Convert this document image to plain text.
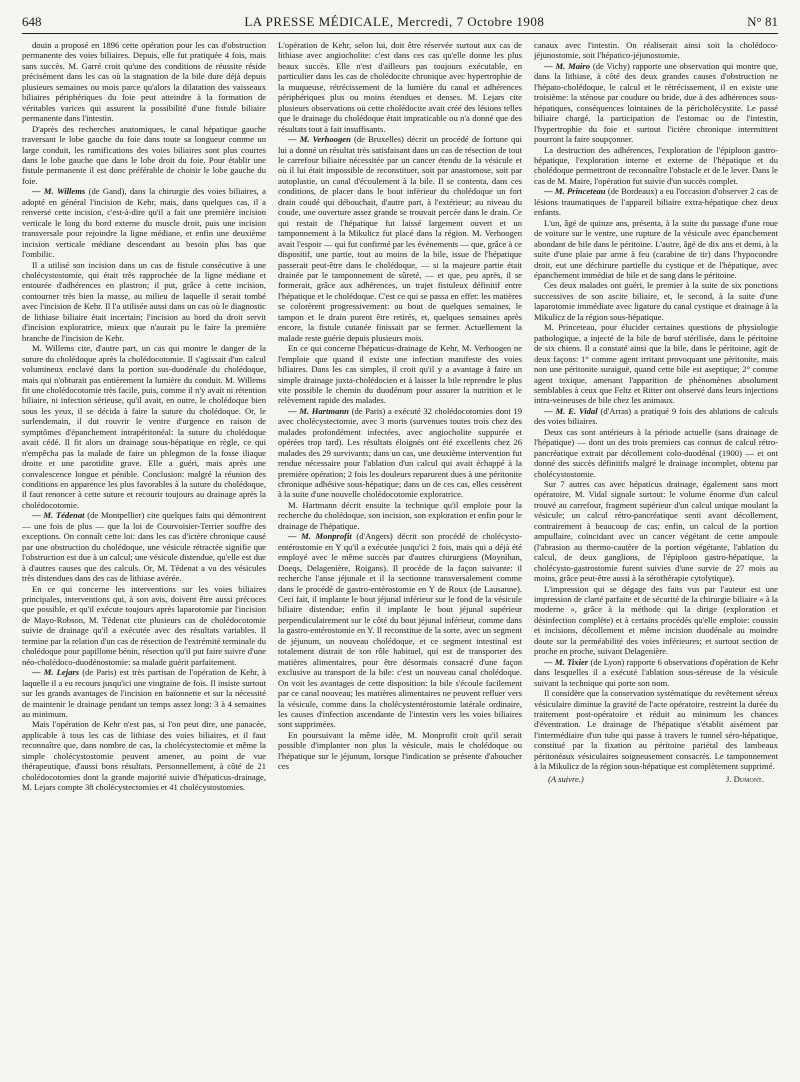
648	LA PRESSE MÉDICALE, Mercredi, 7 Octobre 1908	N° 81

douin a proposé en 1896 cette opération pour les cas d'obstruction permanente des voies biliaires. Depuis, elle fut pratiquée 4 fois, mais sans succès. M. Garré croit qu'une des conditions de réussite réside précisément dans les cas où la stagnation de la bile dure déjà depuis plusieurs semaines ou mois parce qu'alors la dilatation des vaisseaux biliaires périphériques du foie peut atteindre à la formation de véritables varices qui assurent la possibilité d'une fistule biliaire permanente dans l'intestin.

D'après des recherches anatomiques, le canal hépatique gauche traversant le lobe gauche du foie dans toute sa longueur comme un large conduit, les ramifications des voies biliaires sont plus courtes dans le lobe gauche que dans le lobe droit du foie. Pour établir une fistule permanente il est donc préférable de choisir le lobe gauche du foie.

— M. Willems (de Gand), dans la chirurgie des voies biliaires, a adopté en général l'incision de Kehr, mais, dans quelques cas, il a renversé cette incision, c'est-à-dire qu'il a fait une première incision verticale le long du bord externe du muscle droit, puis une incision transversale pour rejoindre la ligne médiane, et enfin une deuxième incision verticale médiane descendant au besoin plus bas que l'ombilic.

Il a utilisé son incision dans un cas de fistule consécutive à une cholécystostomie, qui était très rapprochée de la ligne médiane et entourée d'adhérences en plastron; il put, grâce à cette incision, contourner très bien la masse, au milieu de laquelle il serait tombé avec l'incision de Kehr. Il l'a utilisée aussi dans un cas où le diagnostic de lithiase biliaire était incertain; l'incision au bord du droit servit d'incision exploratrice, mieux que n'aurait pu le faire la première branche de l'incision de Kehr.

M. Willems cite, d'autre part, un cas qui montre le danger de la suture du cholédoque après la cholédocotomie. Il s'agissait d'un calcul volumineux enclavé dans la portion sus-duodénale du cholédoque, mais qui n'obturait pas entièrement la lumière du conduit. M. Willems fit une cholédocotomie très facile, puis, comme il n'y avait ni rétention biliaire, ni infection sérieuse, qu'il avait, en outre, le cholédoque bien sous les yeux, il se décida à faire la suture du cholédoque. Or, le surlendemain, il dut rouvrir le ventre d'urgence en raison de symptômes d'épanchement intrapéritonéal: la suture du cholédoque avait cédé. Il fit alors un drainage sous-hépatique en règle, ce qui n'empêcha pas la malade de faire un phlegmon de la fosse iliaque droite et une parotidite grave. Elle a guéri, mais après une convalescence longue et pénible. Conclusion: malgré la réunion des conditions en apparence les plus favorables à la suture du cholédoque, il faut renoncer à cette suture et recourir toujours au drainage après la cholédocotomie.

— M. Tédenat (de Montpellier) cite quelques faits qui démontrent — une fois de plus — que la loi de Courvoisier-Terrier souffre des exceptions. On connaît cette loi: dans les cas d'ictère chronique causé par une obstruction du cholédoque, une vésicule rétractée signifie que l'obstruction est due à un calcul; une vésicule distendue, qu'elle est due à d'autres causes que des calculs. Or, M. Tédenat a vu des vésicules très distendues dans des cas de lithiase avérée.

En ce qui concerne les interventions sur les voies biliaires principales, interventions qui, à son avis, doivent être aussi précoces que possible, et qu'il exécute toujours après laparotomie par l'incision de Mayo-Robson, M. Tédenat cite plusieurs cas de cholédocotomie suivie de drainage qu'il a exécutée avec des résultats variables. Il termine par la relation d'un cas de résection de l'extrémité terminale du cholédoque pour papillome bénin, résection qu'il put faire suivre d'une néo-cholédoco-duodénostomie: sa malade guérit parfaitement.

— M. Lejars (de Paris) est très partisan de l'opération de Kehr, à laquelle il a eu recours jusqu'ici une vingtaine de fois. Il insiste surtout sur les grands avantages de l'incision en baïonnette et sur la nécessité de maintenir le drainage pendant un temps assez long: 3 à 4 semaines au minimum.

Mais l'opération de Kehr n'est pas, si l'on peut dire, une panacée, applicable à tous les cas de lithiase des voies biliaires, et il faut reconnaître que, dans nombre de cas, la cholécystectomie et même la simple cholécystostomie peuvent amener, au point de vue thérapeutique, d'aussi bons résultats. Personnellement, à côté de 21 cholédocotomies dont la grande majorité suivie d'hépaticus-drainage, M. Lejars compte 38 cholécystectomies et 41 cholécystostomies.

L'opération de Kehr, selon lui, doit être réservée surtout aux cas de lithiase avec angiocholite: c'est dans ces cas qu'elle donne les plus beaux succès. Elle n'est d'ailleurs pas toujours exécutable, en particulier dans les cas de cholédocite chronique avec hypertrophie de la muqueuse, rétrécissement de la lumière du canal et adhérences périphériques plus ou moins étendues et denses. M. Lejars cite plusieurs observations où cette cholédocite avait créé des lésions telles que le drainage du cholédoque était impraticable ou n'a donné que des résultats tout à fait insuffisants.

— M. Verhoogen (de Bruxelles) décrit un procédé de fortune qui lui a donné un résultat très satisfaisant dans un cas de résection de tout le carrefour biliaire nécessitée par un cancer étendu de la vésicule et où il lui était impossible de reconstituer, soit par anastomose, soit par autoplastie, un canal d'écoulement à la bile. Il se contenta, dans ces conditions, de placer dans le bout inférieur du cholédoque un fort drain coudé qui débouchait, d'autre part, à l'extérieur; au niveau du coude, une ouverture assez grande se trouvait percée dans le drain. Ce qui restait de l'hépatique fut laissé largement ouvert et un tamponnement à la Mikulicz fut placé dans la région. M. Verhoogen avait l'espoir — qui fut confirmé par les événements — que, grâce à ce dispositif, une partie, tout au moins de la bile, issue de l'hépatique passerait peut-être dans le cholédoque, — si la majeure partie était drainée par le tamponnement de sûreté, — et que, peu après, il se formerait, grâce aux adhérences, un trajet fistuleux définitif entre l'hépatique et le cholédoque. C'est ce qui se passa en effet: les matières se colorèrent progressivement: au bout de quelques semaines, le tampon et le drain purent être retirés, et, quelques semaines après encore, la fistule cutanée finissait par se fermer. Actuellement la malade reste guérie depuis plusieurs mois.

En ce qui concerne l'hépaticus-drainage de Kehr, M. Verhoogen ne l'emploie que quand il existe une infection manifeste des voies biliaires. Dans les cas simples, il croit qu'il y a avantage à faire un simple drainage juxta-cholédocien et à laisser la bile reprendre le plus vite possible le chemin du duodénum pour assurer la nutrition et le relèvement rapide des malades.

— M. Hartmann (de Paris) a exécuté 32 cholédocotomies dont 19 avec cholécystectomie, avec 3 morts (survenues toutes trois chez des malades profondément infectées, avec angiocholite suppurée et opérées trop tard). Les résultats éloignés ont été excellents chez 26 malades des 29 survivants; dans un cas, une deuxième intervention fut rendue nécessaire pour l'ablation d'un calcul qui avait échappé à la première opération; 2 fois les douleurs reparurent dues à une péritonite chronique adhésive sous-hépatique; dans un de ces cas, elles cessèrent à la suite d'une nouvelle cholédocotomie exploratrice.

M. Hartmann décrit ensuite la technique qu'il emploie pour la recherche du cholédoque, son incision, son exploration et enfin pour le drainage de l'hépatique.

— M. Monprofit (d'Angers) décrit son procédé de cholécysto-entérostomie en Y qu'il a exécutée jusqu'ici 2 fois, mais qui a déjà été employé avec le même succès par d'autres chirurgiens (Moynihan, Doeqs, Delagenière, Roigans). Il procède de la façon suivante: il recherche l'anse jéjunale et il la sectionne transversalement comme dans le procédé de gastro-entérostomie en Y de Roux (de Lausanne). Ceci fait, il implante le bout jéjunal inférieur sur le fond de la vésicule biliaire distendue; enfin il implante le bout jéjunal supérieur perpendiculairement sur le côté du bout jéjunal inférieur, comme dans la gastro-entérostomie en Y. Il reconstitue de la sorte, avec un segment de jéjunum, un nouveau cholédoque, et ce segment intestinal est totalement distrait de son rôle habituel, qui est de transporter des matières alimentaires, pour être désormais consacré d'une façon exclusive au transport de la bile: c'est un nouveau canal cholédoque. On voit les avantages de cette disposition: la bile s'écoule facilement par ce canal nouveau; les matières alimentaires ne peuvent refluer vers la vésicule, comme dans la cholécystentérostomie latérale ordinaire, les causes d'infection ascendante de l'intestin vers les voies biliaires sont supprimées.

En poursuivant la même idée, M. Monprofit croit qu'il serait possible d'implanter non plus la vésicule, mais le cholédoque ou l'hépatique sur le jéjunum, lorsque l'indication se présente d'aboucher ces

canaux avec l'intestin. On réaliserait ainsi soit la cholédoco-jéjunostomie, soit l'hépatico-jéjunostomie.

— M. Mairo (de Vichy) rapporte une observation qui montre que, dans la lithiase, à côté des deux grandes causes d'obstruction ne l'hépato-cholédoque, le calcul et le rétrécissement, il en existe une troisième: la sténose par coudure ou bride, due à des adhérences sous-hépatiques, conséquences lointaines de la péricholécystite. Le passé biliaire chargé, la participation de l'estomac ou de l'intestin, l'hypertrophie du foie et surtout l'ictère chronique intermittent pourront la faire soupçonner.

La destruction des adhérences, l'exploration de l'épiploon gastro-hépatique, l'exploration interne et externe de l'hépatique et du cholédoque permettront de reconnaître l'obstacle et de le lever. Dans le cas de M. Maire, l'opération fut suivie d'un succès complet.

— M. Princeteau (de Bordeaux) a eu l'occasion d'observer 2 cas de lésions traumatiques de l'appareil biliaire extra-hépatique chez deux enfants.

L'un, âgé de quinze ans, présenta, à la suite du passage d'une roue de voiture sur le ventre, une rupture de la vésicule avec épanchement abondant de bile dans le péritoine. L'autre, âgé de dix ans et demi, à la suite d'une plaie par arme à feu (carabine de tir) dans l'hypocondre droit, eut une déchirure partielle du cystique et de l'hépatique, avec épanchement immédiat de bile et de sang dans le péritoine.

Ces deux malades ont guéri, le premier à la suite de six ponctions successives de son ascite biliaire, et, le second, à la suite d'une laparotomie immédiate avec ligature du canal cystique et drainage à la Mikulicz de la région sous-hépatique.

M. Princeteau, pour élucider certaines questions de physiologie pathologique, a injecté de la bile de bœuf stérilisée, dans le péritoine de six chiens. Il a constaté ainsi que la bile, dans le péritoine, agit de deux façons: 1° comme agent irritant provoquant une péritonite, mais non une péritonite suraiguë, quand cette bile est aseptique; 2° comme agent toxique, amenant l'apparition de phénomènes absolument semblables à ceux que Feltz et Ritter ont observé dans leurs injections intra-veineuses de bile chez les animaux.

— M. E. Vidal (d'Arras) a pratiqué 9 fois des ablations de calculs des voies biliaires.

Deux cas sont antérieurs à la période actuelle (sans drainage de l'hépatique) — dont un des trois premiers cas connus de calcul rétro-pancréatique extrait par décollement colo-duodénal (1900) — et ont donné des succès définitifs malgré le drainage incomplet, obtenu par cholécystostomie.

Sur 7 autres cas avec hépaticus drainage, également sans mort opératoire, M. Vidal signale surtout: le volume énorme d'un calcul trouvé au carrefour, fragment supérieur d'un calcul unique moulant la vésicule; un calcul rétro-pancréatique senti avant décollement, contrairement à beaucoup de cas; enfin, un calcul de la portion ampullaire, coïncidant avec un cancer végétant de cette ampoule (l'abrasion au thermo-cautère de la portion végétante, l'ablation du calcul, de deux ganglions, de l'épiploon gastro-hépatique, la cholécysto-gastrostomie furent suivies d'une survie de 27 mois au moins, grâce peut-être aussi à la sérothérapie cytolytique).

L'impression qui se dégage des faits vus par l'auteur est une impression de clarté parfaite et de sécurité de la chirurgie biliaire « à la moderne », grâce à la méthode qui la dirige (exploration et désinfection complète) et à certains procédés qu'elle emploie: coussin et incisions, décollement et même incision duodénale au moindre doute sur la perméabilité des voies inférieures; et surtout section de proche en proche, suivant Delagenière.

— M. Tixier (de Lyon) rapporte 6 observations d'opération de Kehr dans lesquelles il a exécuté l'ablation sous-séreuse de la vésicule suivant la technique qui porte son nom.

Il considère que la conservation systématique du revêtement séreux vésiculaire diminue la gravité de l'acte opératoire, restreint la durée du traitement post-opératoire et réduit au minimum les chances d'éventration. Le drainage de l'hépatique s'établit aisément par l'intermédiaire d'un tube qui passe à travers le tunnel séro-hépatique, constitué par la fixation au péritoine pariétal des lambeaux péritonéaux vésiculaires soigneusement consacrés. Le tamponnement à la Mikulicz de la région sous-hépatique est complètement supprimé.

(A suivre.)	J. Dumont.
